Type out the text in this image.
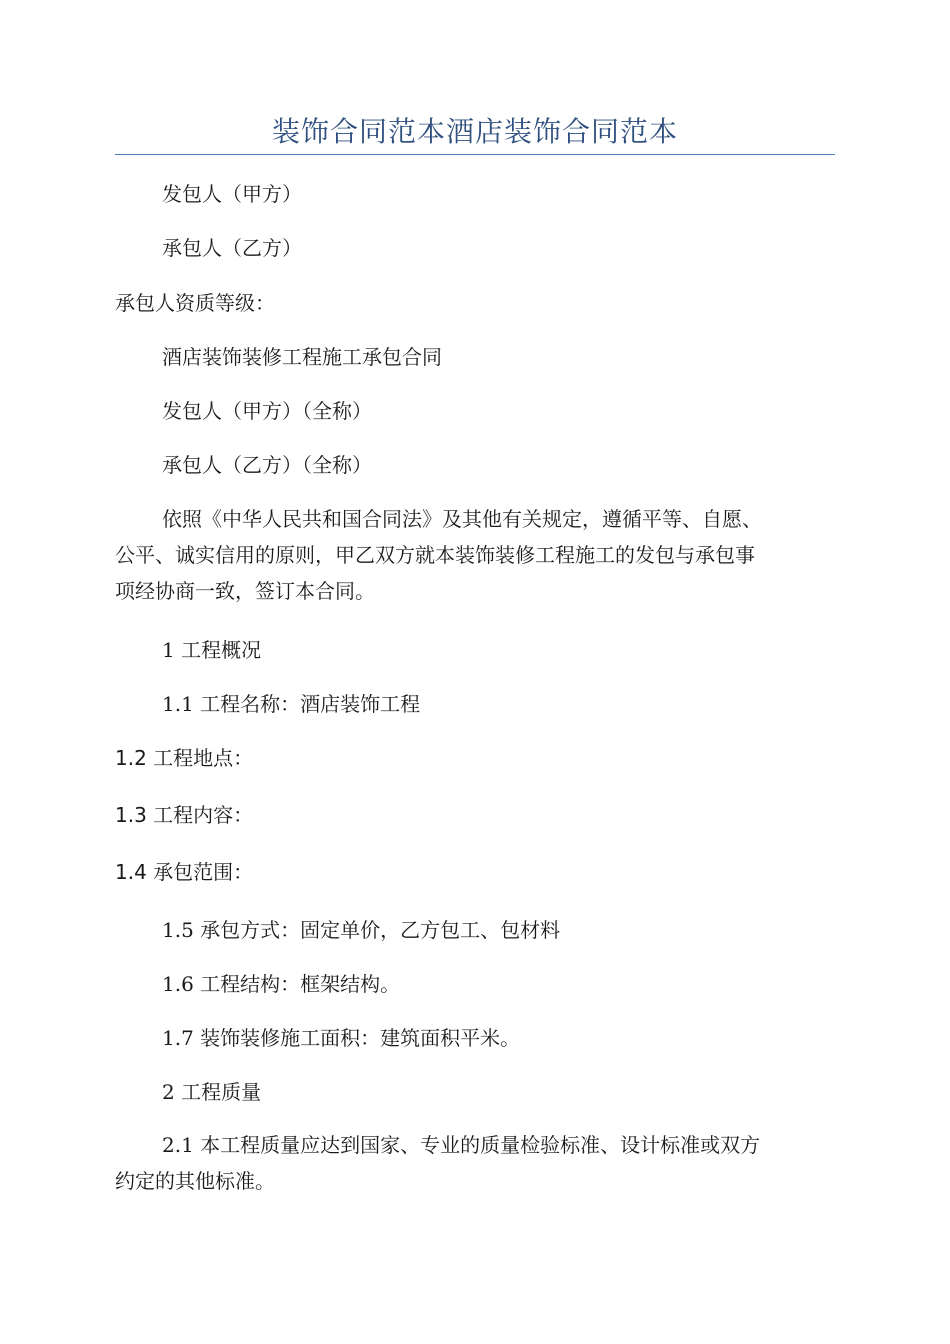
装饰合同范本酒店装饰合同范本
发包人（甲方）
承包人（乙方）
承包人资质等级：
酒店装饰装修工程施工承包合同
发包人（甲方）（全称）
承包人（乙方）（全称）
依照《中华人民共和国合同法》及其他有关规定，遵循平等、自愿、
公平、诚实信用的原则，甲乙双方就本装饰装修工程施工的发包与承包事
项经协商一致，签订本合同。
1 工程概况
1.1 工程名称：酒店装饰工程
1.2 工程地点：
1.3 工程内容：
1.4 承包范围：
1.5 承包方式：固定单价，乙方包工、包材料
1.6 工程结构：框架结构。
1.7 装饰装修施工面积：建筑面积平米。
2 工程质量
2.1 本工程质量应达到国家、专业的质量检验标准、设计标准或双方
约定的其他标准。
